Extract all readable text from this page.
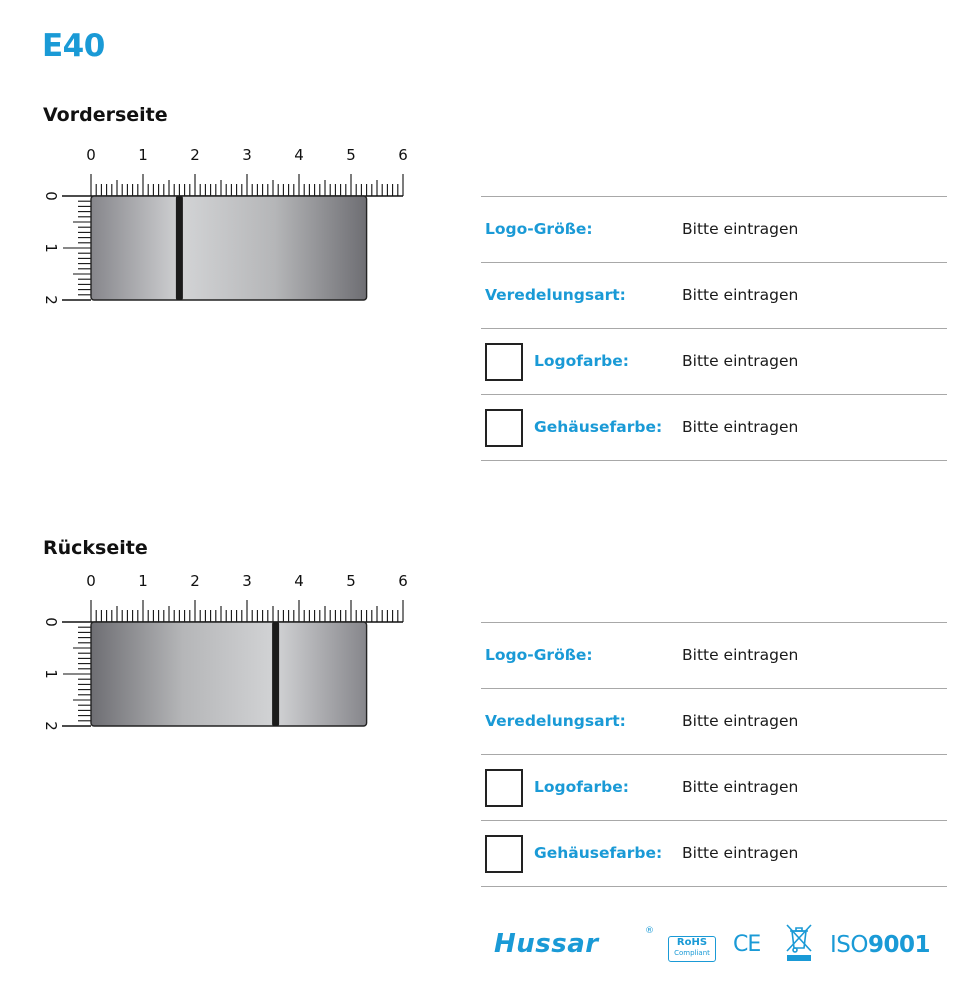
E40
Vorderseite
0	1	2	3	4	5	6
0
1
2
Logo-Größe:	Bitte eintragen
Veredelungsart:	Bitte eintragen
Logofarbe:	Bitte eintragen
Gehäusefarbe: Bitte eintragen
Rückseite
0	1	2	3	4	5	6
0
1
2
Logo-Größe:	Bitte eintragen
Veredelungsart:	Bitte eintragen
Logofarbe:	Bitte eintragen
Gehäusefarbe: Bitte eintragen
Hussar	®
RoHS
Compliant CE	ISO9001
